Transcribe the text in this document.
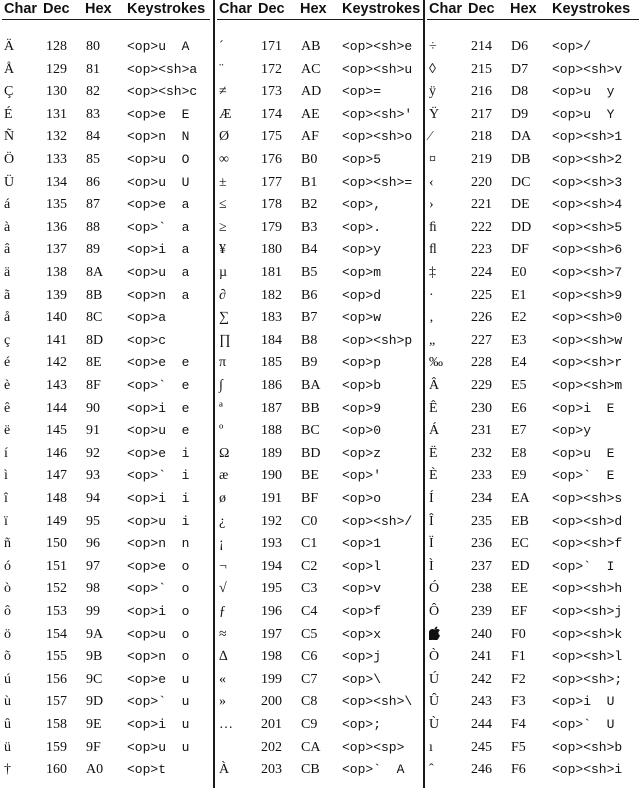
Char Dec Hex Keystrokes
Ä 128 80 <op>u  A
Å 129 81 <op><sh>a
Ç 130 82 <op><sh>c
É 131 83 <op>e  E
Ñ 132 84 <op>n  N
Ö 133 85 <op>u  O
Ü 134 86 <op>u  U
á	135 87 <op>e  a
à	136 88 <op>`  a
â	137 89 <op>i  a
ä	138 8A <op>u  a
ã	139 8B <op>n  a
å	140 8C <op>a
ç	141 8D <op>c
é	142 8E <op>e  e
è	143 8F <op>`  e
ê	144 90 <op>i  e
ë	145 91 <op>u  e
í	146 92 <op>e  i
ì	147 93 <op>`  i
î	148 94 <op>i  i
ï	149 95 <op>u  i
ñ	150 96 <op>n  n
ó	151 97 <op>e  o
ò	152 98 <op>`  o
ô	153 99 <op>i  o
ö	154 9A <op>u  o
õ	155 9B <op>n  o
ú	156 9C <op>e  u
ù	157 9D <op>`  u
û	158 9E <op>i  u
ü	159 9F <op>u  u
†	160 A0 <op>t
Char Dec Hex Keystrokes
´	171 AB <op><sh>e
¨	172 AC <op><sh>u
≠ 173 AD <op>=
Æ 174 AE <op><sh>'
Ø 175 AF <op><sh>o
∞ 176 B0 <op>5
± 177 B1 <op><sh>=
≤ 178 B2 <op>,
≥ 179 B3 <op>.
¥	180 B4 <op>y
µ 181 B5 <op>m
∂	182 B6 <op>d
∑ 183 B7 <op>w
∏ 184 B8 <op><sh>p
π 185 B9 <op>p
∫	186 BA <op>b
ª	187 BB <op>9
º	188 BC <op>0
Ω 189 BD <op>z
æ 190 BE <op>'
ø	191 BF <op>o
¿	192 C0 <op><sh>/
¡	193 C1 <op>1
¬ 194 C2 <op>l
√ 195 C3 <op>v
ƒ	196 C4 <op>f
≈ 197 C5 <op>x
∆ 198 C6 <op>j
«	199 C7 <op>\
»	200 C8 <op><sh>\
… 201 C9 <op>;
202 CA <op><sp>
À 203 CB <op>`  A
Char Dec Hex Keystrokes
÷ 214 D6 <op>/
◊	215 D7 <op><sh>v
ÿ	216 D8 <op>u  y
Ÿ 217 D9 <op>u  Y
⁄	218 DA <op><sh>1
¤	219 DB <op><sh>2
‹	220 DC <op><sh>3
›	221 DE <op><sh>4
ﬁ 222 DD <op><sh>5
ﬂ 223 DF <op><sh>6
‡	224 E0 <op><sh>7
·	225 E1 <op><sh>9
‚	226 E2 <op><sh>0
„	227 E3 <op><sh>w
‰ 228 E4 <op><sh>r
Â 229 E5 <op><sh>m
Ê 230 E6 <op>i  E
Á 231 E7 <op>y
Ë 232 E8 <op>u  E
È 233 E9 <op>`  E
Í	234 EA <op><sh>s
Î	235 EB <op><sh>d
Ï	236 EC <op><sh>f
Ì	237 ED <op>`  I
Ó 238 EE <op><sh>h
Ô 239 EF <op><sh>j
240 F0 <op><sh>k
Ò 241 F1 <op><sh>l
Ú 242 F2 <op><sh>;
Û 243 F3 <op>i  U
Ù 244 F4 <op>`  U
ı	245 F5 <op><sh>b
ˆ	246 F6 <op><sh>i
